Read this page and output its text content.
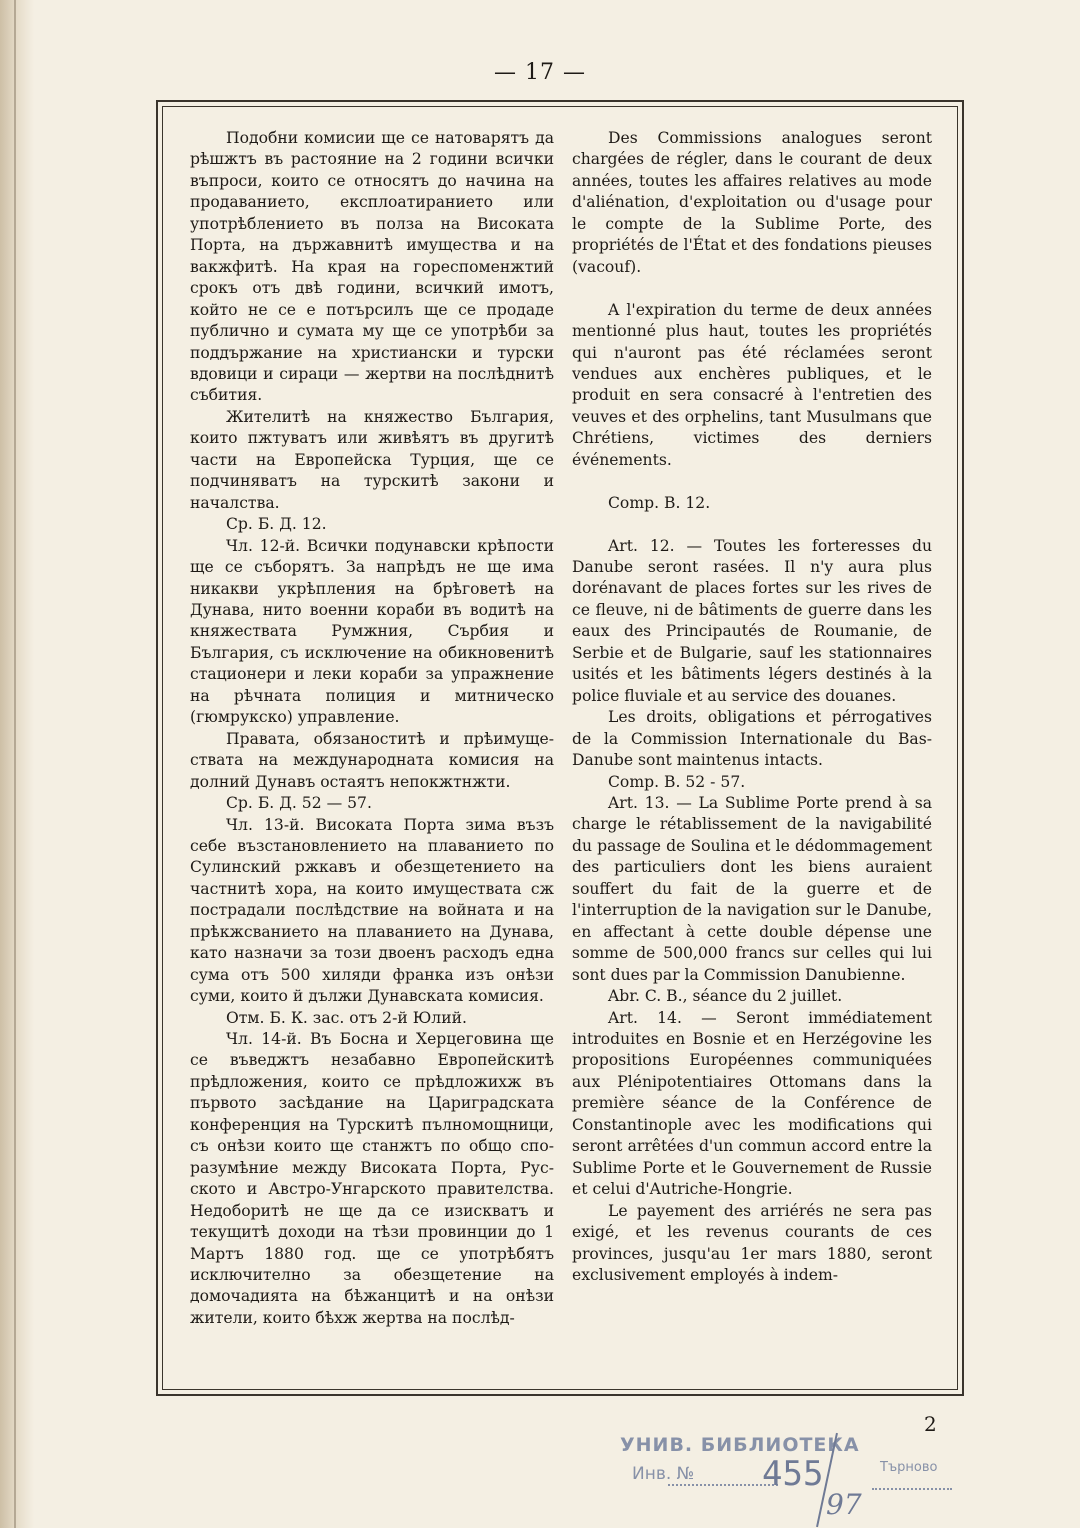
— 17 —

Подобни комисии ще се натоварятъ да рѣшжтъ въ растояние на 2 години всички въпроси, които се относятъ до начина на продаванието, експлоатиранието или употрѣблението въ полза на Високата Порта, на държавнитѣ имущества и на вакжфитѣ. На края на гореспоменжтий срокъ отъ двѣ години, всичкий имотъ, който не се е потърсилъ ще се продаде публично и сумата му ще се употрѣби за поддържание на христиански и турски вдовици и сираци — жертви на послѣднитѣ събития.

Жителитѣ на княжество България, които пжтуватъ или живѣятъ въ другитѣ части на Европейска Турция, ще се подчиняватъ на турскитѣ закони и началства.

Ср. Б. Д. 12.

Чл. 12-й. Всички подунавски крѣпости ще се съборятъ. За напрѣдъ не ще има никакви укрѣпления на брѣговетѣ на Дунава, нито военни кораби въ водитѣ на княжествата Румжния, Сърбия и България, съ исключение на обикновенитѣ стационери и леки кораби за упражнение на рѣчната полиция и митническо (гюмрукско) управление.

Правата, обязаноститѣ и прѣимуществата на международната комисия на долний Дунавъ остаятъ непокжтнжти.

Ср. Б. Д. 52 — 57.

Чл. 13-й. Високата Порта зима възъ себе възстановлението на плаванието по Сулинский ржкавъ и обезщетението на частнитѣ хора, на които имуществата сж пострадали послѣдствие на войната и на прѣкжсванието на плаванието на Дунава, като назначи за този двоенъ расходъ една сума отъ 500 хиляди франка изъ онѣзи суми, които й дължи Дунавската комисия.

Отм. Б. К. зас. отъ 2-й Юлий.

Чл. 14-й. Въ Босна и Херцеговина ще се въведжтъ незабавно Европейскитѣ прѣдложения, които се прѣдложихж въ първото засѣдание на Цариградската конференция на Турскитѣ пълномощници, съ онѣзи които ще станжтъ по общо споразумѣние между Високата Порта, Русското и Австро-Унгарското правителства. Недоборитѣ не ще да се изискватъ и текущитѣ доходи на тѣзи провинции до 1 Мартъ 1880 год. ще се употрѣбятъ исключително за обезщетение на домочадията на бѣжанцитѣ и на онѣзи жители, които бѣхж жертва на послѣд-

Des Commissions analogues seront chargées de régler, dans le courant de deux années, toutes les affaires relatives au mode d'aliénation, d'exploitation ou d'usage pour le compte de la Sublime Porte, des propriétés de l'État et des fondations pieuses (vacouf).

A l'expiration du terme de deux années mentionné plus haut, toutes les propriétés qui n'auront pas été réclamées seront vendues aux enchères publiques, et le produit en sera consacré à l'entretien des veuves et des orphelins, tant Musulmans que Chrétiens, victimes des derniers événements.

Comp. B. 12.

Art. 12. — Toutes les forteresses du Danube seront rasées. Il n'y aura plus dorénavant de places fortes sur les rives de ce fleuve, ni de bâtiments de guerre dans les eaux des Principautés de Roumanie, de Serbie et de Bulgarie, sauf les stationnaires usités et les bâtiments légers destinés à la police fluviale et au service des douanes.

Les droits, obligations et pérrogatives de la Commission Internationale du Bas-Danube sont maintenus intacts.

Comp. B. 52 - 57.

Art. 13. — La Sublime Porte prend à sa charge le rétablissement de la navigabilité du passage de Soulina et le dédommagement des particuliers dont les biens auraient souffert du fait de la guerre et de l'interruption de la navigation sur le Danube, en affectant à cette double dépense une somme de 500,000 francs sur celles qui lui sont dues par la Commission Danubienne.

Abr. C. B., séance du 2 juillet.

Art. 14. — Seront immédiatement introduites en Bosnie et en Herzégovine les propositions Européennes communiquées aux Plénipotentiaires Ottomans dans la première séance de la Conférence de Constantinople avec les modifications qui seront arrêtées d'un commun accord entre la Sublime Porte et le Gouvernement de Russie et celui d'Autriche-Hongrie.

Le payement des arriérés ne sera pas exigé, et les revenus courants de ces provinces, jusqu'au 1er mars 1880, seront exclusivement employés à indem-

2
УНИВ. БИБЛИОТЕКА
Инв. № 455	Търново
97
